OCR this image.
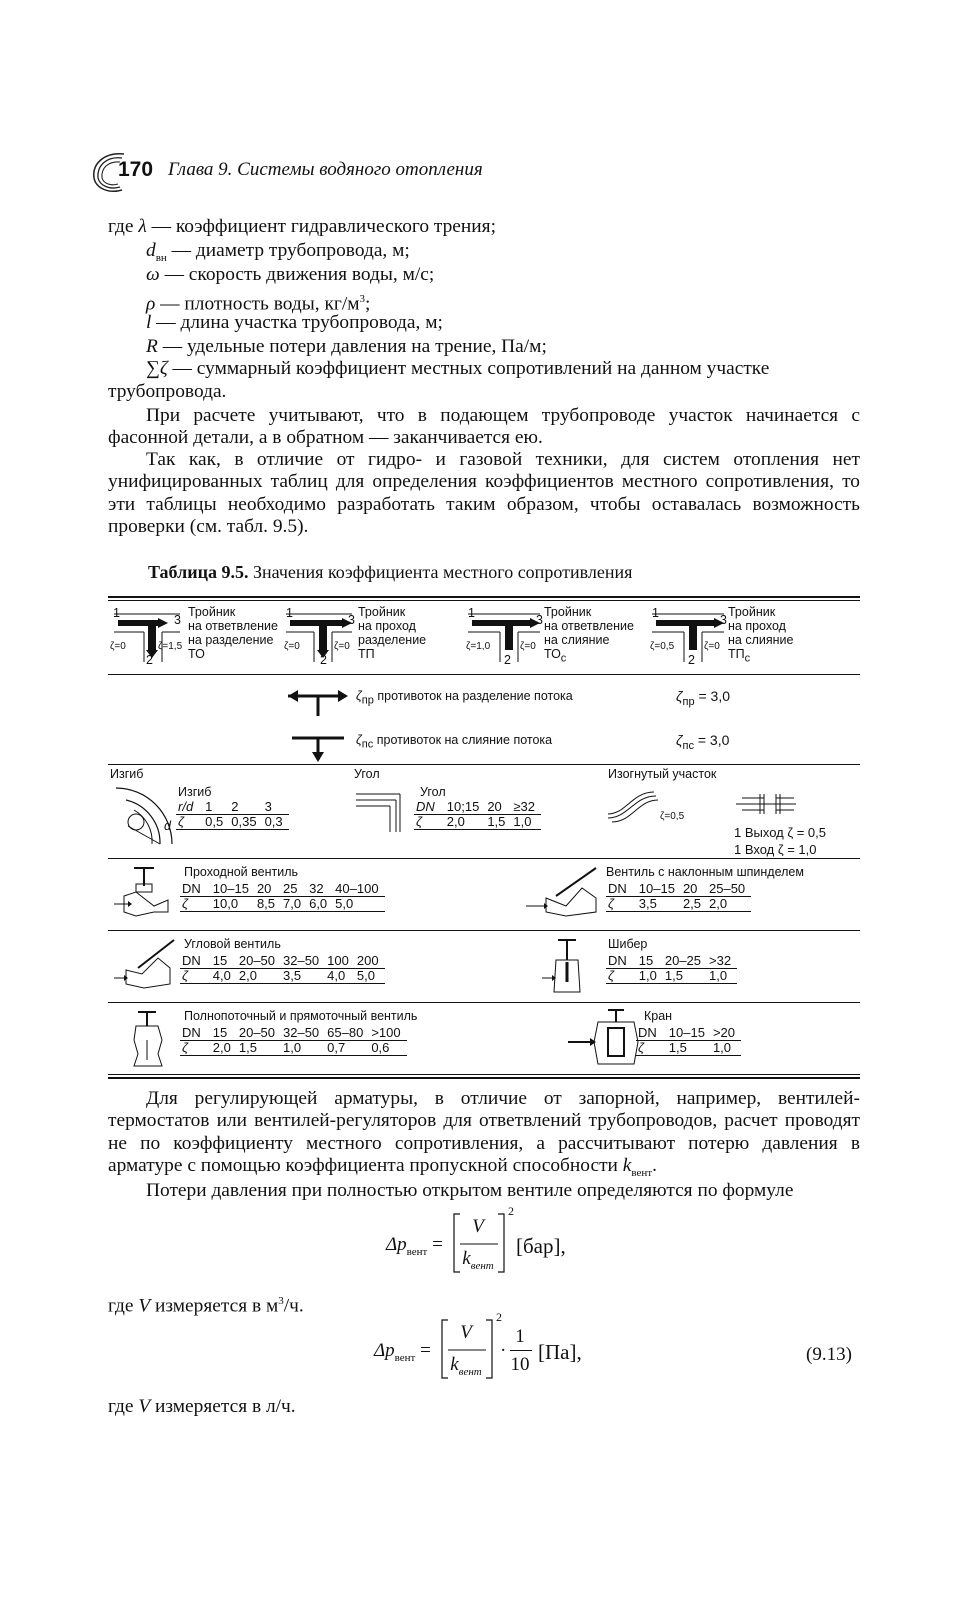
170 Глава 9. Системы водяного отопления
где λ — коэффициент гидравлического трения;
$d_{вн}$ — диаметр трубопровода, м;
ω — скорость движения воды, м/с;
ρ — плотность воды, $кг/м^3$;
l — длина участка трубопровода, м;
R — удельные потери давления на трение, Па/м;
∑ζ — суммарный коэффициент местных сопротивлений на данном участке
трубопровода.
При расчете учитывают, что в подающем трубопроводе участок начинается с фасонной детали, а в обратном — заканчивается ею.
Так как, в отличие от гидро- и газовой техники, для систем отопления нет унифицированных таблиц для определения коэффициентов местного сопротивления, то эти таблицы необходимо разработать таким образом, чтобы оставалась возможность проверки (см. табл. 9.5).
Таблица 9.5. Значения коэффициента местного сопротивления
1	3
2
ζ=0	ζ=1,5
Тройник
на ответвление
на разделение
ТО
1	3
2
ζ=0	ζ=0
Тройник
на проход
разделение
ТП
1	3
2
ζ=1,0	ζ=0
Тройник
на ответвление
на слияние
$ТО_с$
1	3
2
ζ=0,5	ζ=0
Тройник
на проход
на слияние
$ТП_с$
$\zeta_{пр}$ противоток на разделение потока	$\zeta_{пр} = 3,0$
$\zeta_{пс}$ противоток на слияние потока	$\zeta_{пс} = 3,0$
Изгиб
d
Изгиб
r/d	1	2	3
ζ	0,5	0,35	0,3
Угол
Угол
DN	10;15	20	≥32
ζ	2,0	1,5	1,0
Изогнутый участок
ζ=0,5
1 Выход ζ = 0,5
1 Вход ζ = 1,0
Проходной вентиль
DN	10–15	20	25	32	40–100
ζ	10,0	8,5	7,0	6,0	5,0
Вентиль с наклонным шпинделем
DN	10–15	20	25–50
ζ	3,5	2,5	2,0
Угловой вентиль
DN	15	20–50	32–50	100	200
ζ	4,0	2,0	3,5	4,0	5,0
Шибер
DN	15	20–25	>32
ζ	1,0	1,5	1,0
Полнопоточный и прямоточный вентиль
DN	15	20–50	32–50	65–80	>100
ζ	2,0	1,5	1,0	0,7	0,6
Кран
DN	10–15	>20
ζ	1,5	1,0
Для регулирующей арматуры, в отличие от запорной, например, вентилей-термостатов или вентилей-регуляторов для ответвлений трубопроводов, расчет проводят не по коэффициенту местного сопротивления, а рассчитывают потерю давления в арматуре с помощью коэффициента пропускной способности $k_{вент}$.
Потери давления при полностью открытом вентиле определяются по формуле
$\Delta p_{вент}$ =
V
$k_{вент}$
2
[бар],
где V измеряется в $м^3/ч$.
$\Delta p_{вент}$ =
V
$k_{вент}$
2
·
1
10
[Па],	(9.13)
где V измеряется в л/ч.
